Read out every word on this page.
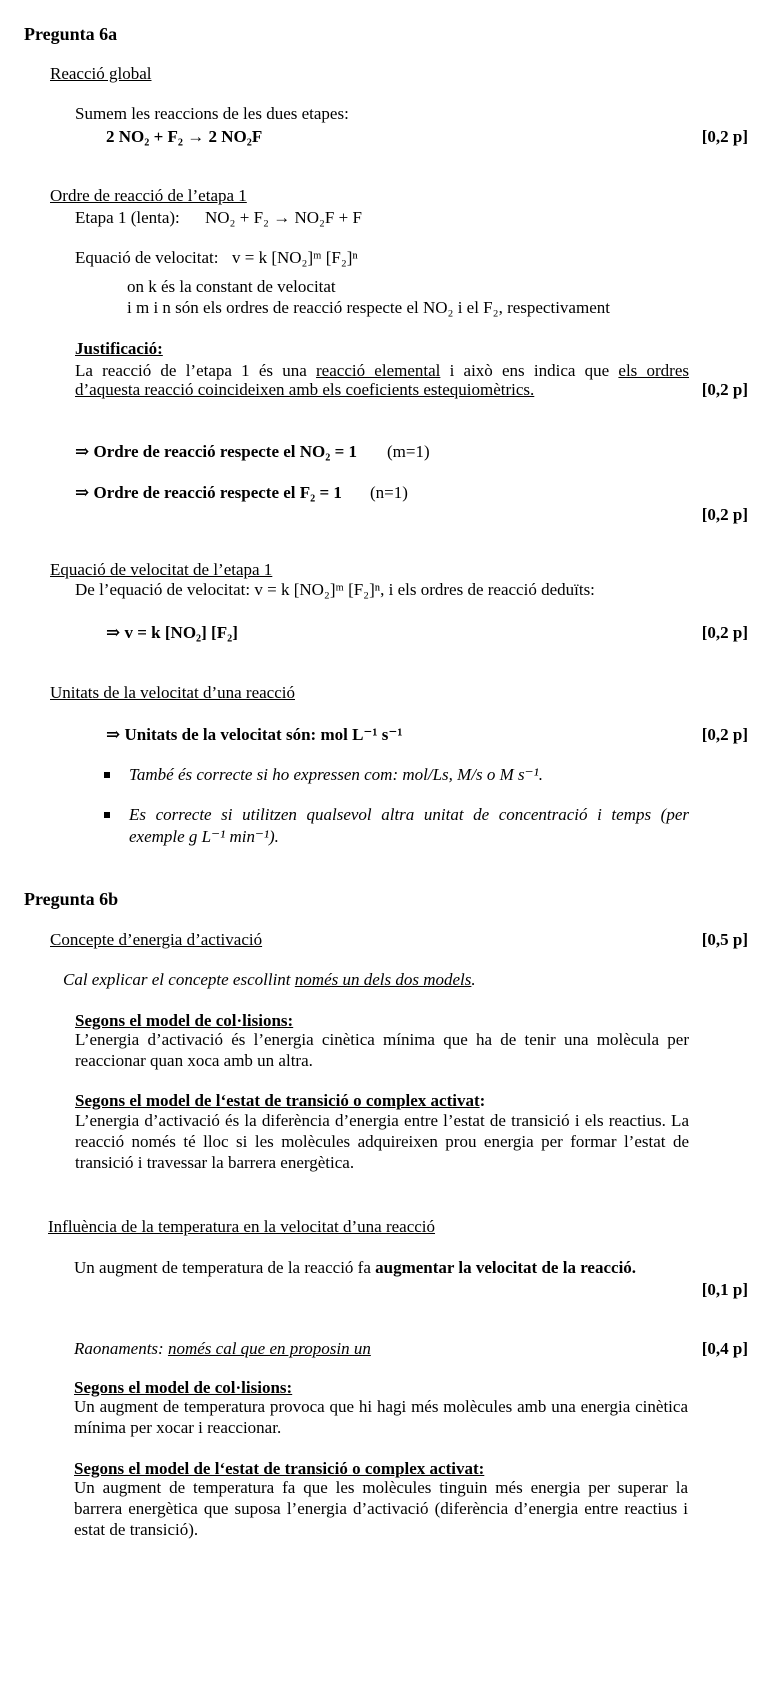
Pregunta 6a
Reacció global
Sumem les reaccions de les dues etapes:
2 NO₂ + F₂ → 2 NO₂F	[0,2 p]
Ordre de reacció de l’etapa 1
Etapa 1 (lenta): NO₂ + F₂ → NO₂F + F
Equació de velocitat: v = k [NO₂]ᵐ [F₂]ⁿ
on k és la constant de velocitat
i m i n són els ordres de reacció respecte el NO₂ i el F₂, respectivament
Justificació:
La reacció de l’etapa 1 és una reacció elemental i això ens indica que els ordres
d’aquesta reacció coincideixen amb els coeficients estequiomètrics.	[0,2 p]
⇒ Ordre de reacció respecte el NO₂ = 1 (m=1)
⇒ Ordre de reacció respecte el F₂ = 1 (n=1)
[0,2 p]
Equació de velocitat de l’etapa 1
De l’equació de velocitat: v = k [NO₂]ᵐ [F₂]ⁿ, i els ordres de reacció deduïts:
⇒ v = k [NO₂] [F₂]	[0,2 p]
Unitats de la velocitat d’una reacció
⇒ Unitats de la velocitat són: mol L⁻¹ s⁻¹	[0,2 p]
També és correcte si ho expressen com: mol/Ls, M/s o M s⁻¹.
Es correcte si utilitzen qualsevol altra unitat de concentració i temps (per exemple g L⁻¹ min⁻¹).
Pregunta 6b
Concepte d’energia d’activació	[0,5 p]
Cal explicar el concepte escollint només un dels dos models.
Segons el model de col·lisions:
L’energia d’activació és l’energia cinètica mínima que ha de tenir una molècula per reaccionar quan xoca amb un altra.
Segons el model de l‘estat de transició o complex activat:
L’energia d’activació és la diferència d’energia entre l’estat de transició i els reactius. La reacció només té lloc si les molècules adquireixen prou energia per formar l’estat de transició i travessar la barrera energètica.
Influència de la temperatura en la velocitat d’una reacció
Un augment de temperatura de la reacció fa augmentar la velocitat de la reacció.
[0,1 p]
Raonaments: només cal que en proposin un	[0,4 p]
Segons el model de col·lisions:
Un augment de temperatura provoca que hi hagi més molècules amb una energia cinètica mínima per xocar i reaccionar.
Segons el model de l‘estat de transició o complex activat:
Un augment de temperatura fa que les molècules tinguin més energia per superar la barrera energètica que suposa l’energia d’activació (diferència d’energia entre reactius i estat de transició).
